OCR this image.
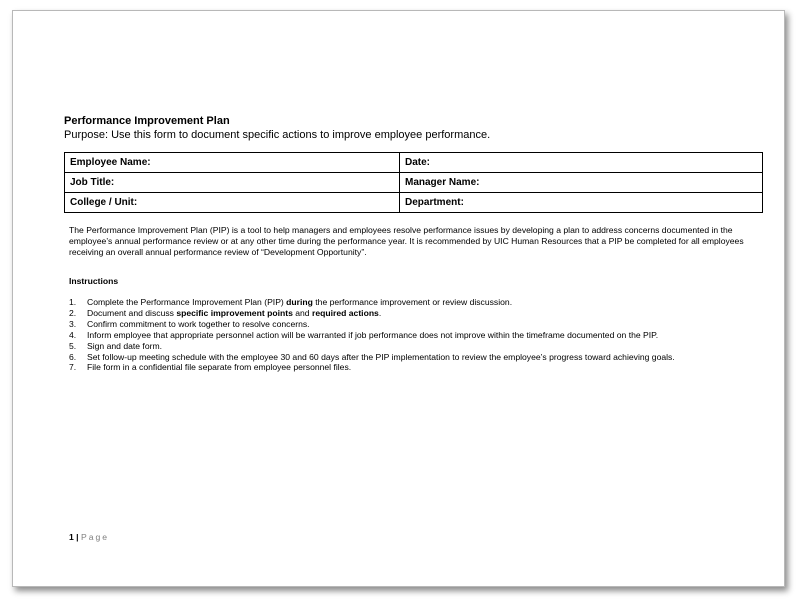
Performance Improvement Plan
Purpose: Use this form to document specific actions to improve employee performance.
Employee Name:	Date:
Job Title:	Manager Name:
College / Unit:	Department:
The Performance Improvement Plan (PIP) is a tool to help managers and employees resolve performance issues by developing a plan to address concerns documented in the employee’s annual performance review or at any other time during the performance year. It is recommended by UIC Human Resources that a PIP be completed for all employees receiving an overall annual performance review of “Development Opportunity”.
Instructions
1.	Complete the Performance Improvement Plan (PIP) during the performance improvement or review discussion.
2.	Document and discuss specific improvement points and required actions.
3.	Confirm commitment to work together to resolve concerns.
4.	Inform employee that appropriate personnel action will be warranted if job performance does not improve within the timeframe documented on the PIP.
5.	Sign and date form.
6.	Set follow-up meeting schedule with the employee 30 and 60 days after the PIP implementation to review the employee’s progress toward achieving goals.
7.	File form in a confidential file separate from employee personnel files.
1 | Page
